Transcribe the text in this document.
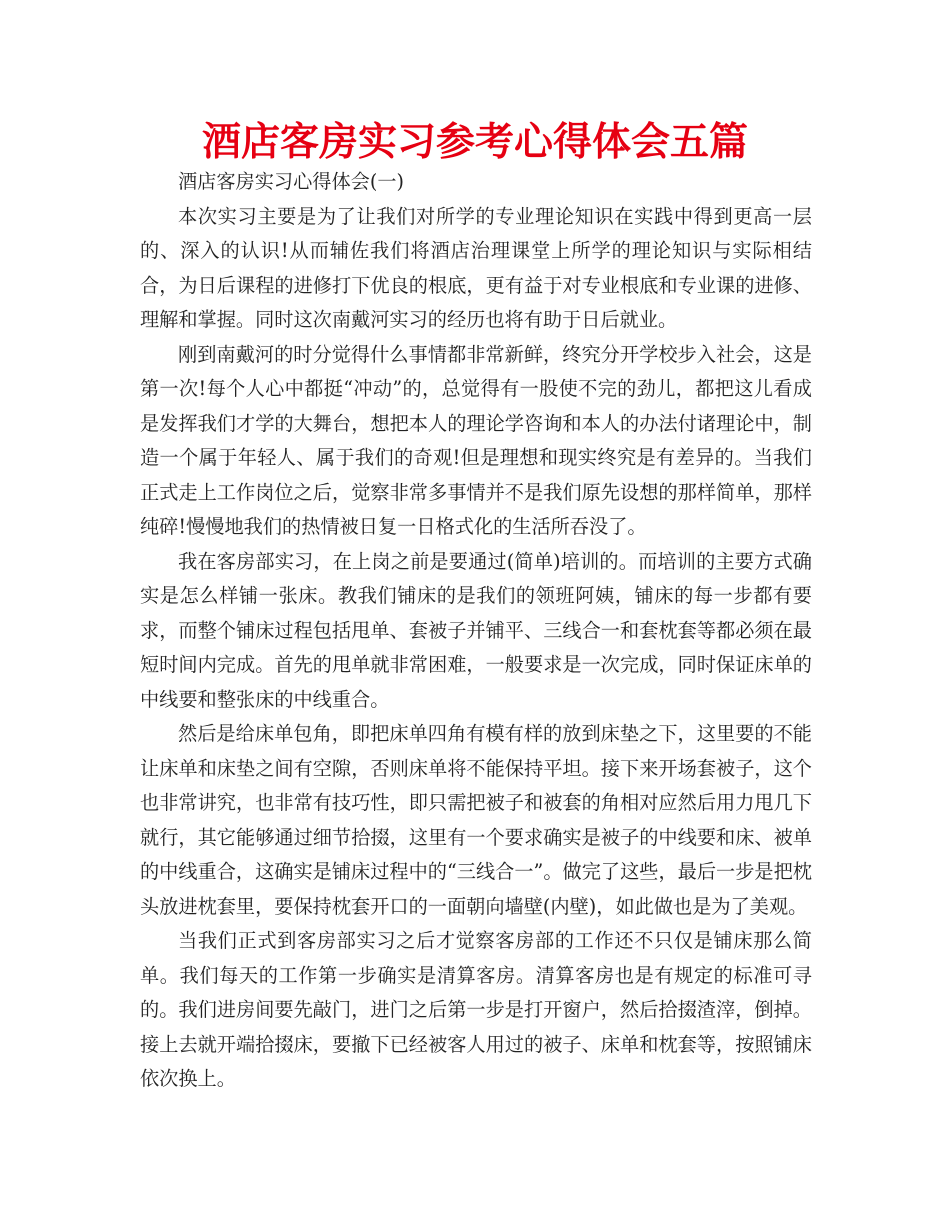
酒店客房实习参考心得体会五篇

酒店客房实习心得体会(一)

本次实习主要是为了让我们对所学的专业理论知识在实践中得到更高一层的、深入的认识!从而辅佐我们将酒店治理课堂上所学的理论知识与实际相结合，为日后课程的进修打下优良的根底，更有益于对专业根底和专业课的进修、理解和掌握。同时这次南戴河实习的经历也将有助于日后就业。

刚到南戴河的时分觉得什么事情都非常新鲜，终究分开学校步入社会，这是第一次!每个人心中都挺“冲动”的，总觉得有一股使不完的劲儿，都把这儿看成是发挥我们才学的大舞台，想把本人的理论学咨询和本人的办法付诸理论中，制造一个属于年轻人、属于我们的奇观!但是理想和现实终究是有差异的。当我们正式走上工作岗位之后，觉察非常多事情并不是我们原先设想的那样简单，那样纯碎!慢慢地我们的热情被日复一日格式化的生活所吞没了。

我在客房部实习，在上岗之前是要通过(简单)培训的。而培训的主要方式确实是怎么样铺一张床。教我们铺床的是我们的领班阿姨，铺床的每一步都有要求，而整个铺床过程包括甩单、套被子并铺平、三线合一和套枕套等都必须在最短时间内完成。首先的甩单就非常困难，一般要求是一次完成，同时保证床单的中线要和整张床的中线重合。

然后是给床单包角，即把床单四角有模有样的放到床垫之下，这里要的不能让床单和床垫之间有空隙，否则床单将不能保持平坦。接下来开场套被子，这个也非常讲究，也非常有技巧性，即只需把被子和被套的角相对应然后用力甩几下就行，其它能够通过细节拾掇，这里有一个要求确实是被子的中线要和床、被单的中线重合，这确实是铺床过程中的“三线合一”。做完了这些，最后一步是把枕头放进枕套里，要保持枕套开口的一面朝向墙壁(内壁)，如此做也是为了美观。

当我们正式到客房部实习之后才觉察客房部的工作还不只仅是铺床那么简单。我们每天的工作第一步确实是清算客房。清算客房也是有规定的标准可寻的。我们进房间要先敲门，进门之后第一步是打开窗户，然后拾掇渣滓，倒掉。接上去就开端拾掇床，要撤下已经被客人用过的被子、床单和枕套等，按照铺床依次换上。
